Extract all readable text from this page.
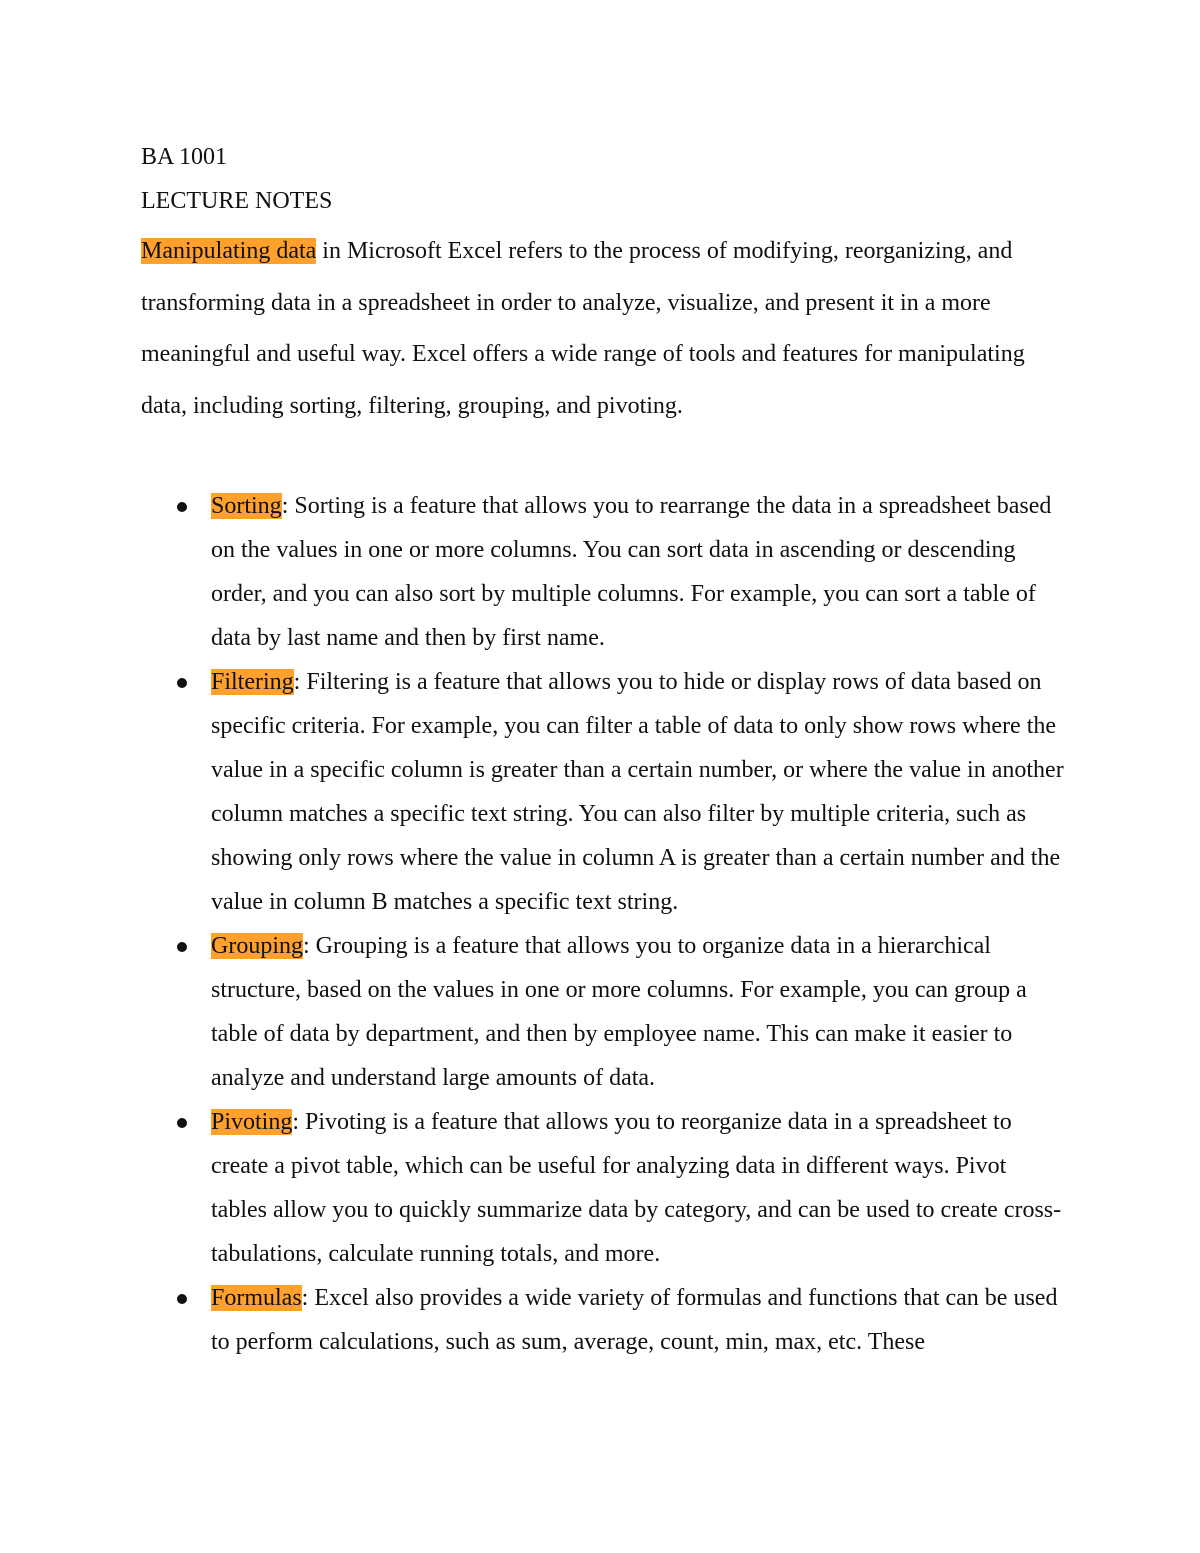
BA 1001
LECTURE NOTES

Manipulating data in Microsoft Excel refers to the process of modifying, reorganizing, and transforming data in a spreadsheet in order to analyze, visualize, and present it in a more meaningful and useful way. Excel offers a wide range of tools and features for manipulating data, including sorting, filtering, grouping, and pivoting.

Sorting: Sorting is a feature that allows you to rearrange the data in a spreadsheet based on the values in one or more columns. You can sort data in ascending or descending order, and you can also sort by multiple columns. For example, you can sort a table of data by last name and then by first name.
Filtering: Filtering is a feature that allows you to hide or display rows of data based on specific criteria. For example, you can filter a table of data to only show rows where the value in a specific column is greater than a certain number, or where the value in another column matches a specific text string. You can also filter by multiple criteria, such as showing only rows where the value in column A is greater than a certain number and the value in column B matches a specific text string.
Grouping: Grouping is a feature that allows you to organize data in a hierarchical structure, based on the values in one or more columns. For example, you can group a table of data by department, and then by employee name. This can make it easier to analyze and understand large amounts of data.
Pivoting: Pivoting is a feature that allows you to reorganize data in a spreadsheet to create a pivot table, which can be useful for analyzing data in different ways. Pivot tables allow you to quickly summarize data by category, and can be used to create cross-tabulations, calculate running totals, and more.
Formulas: Excel also provides a wide variety of formulas and functions that can be used to perform calculations, such as sum, average, count, min, max, etc. These
